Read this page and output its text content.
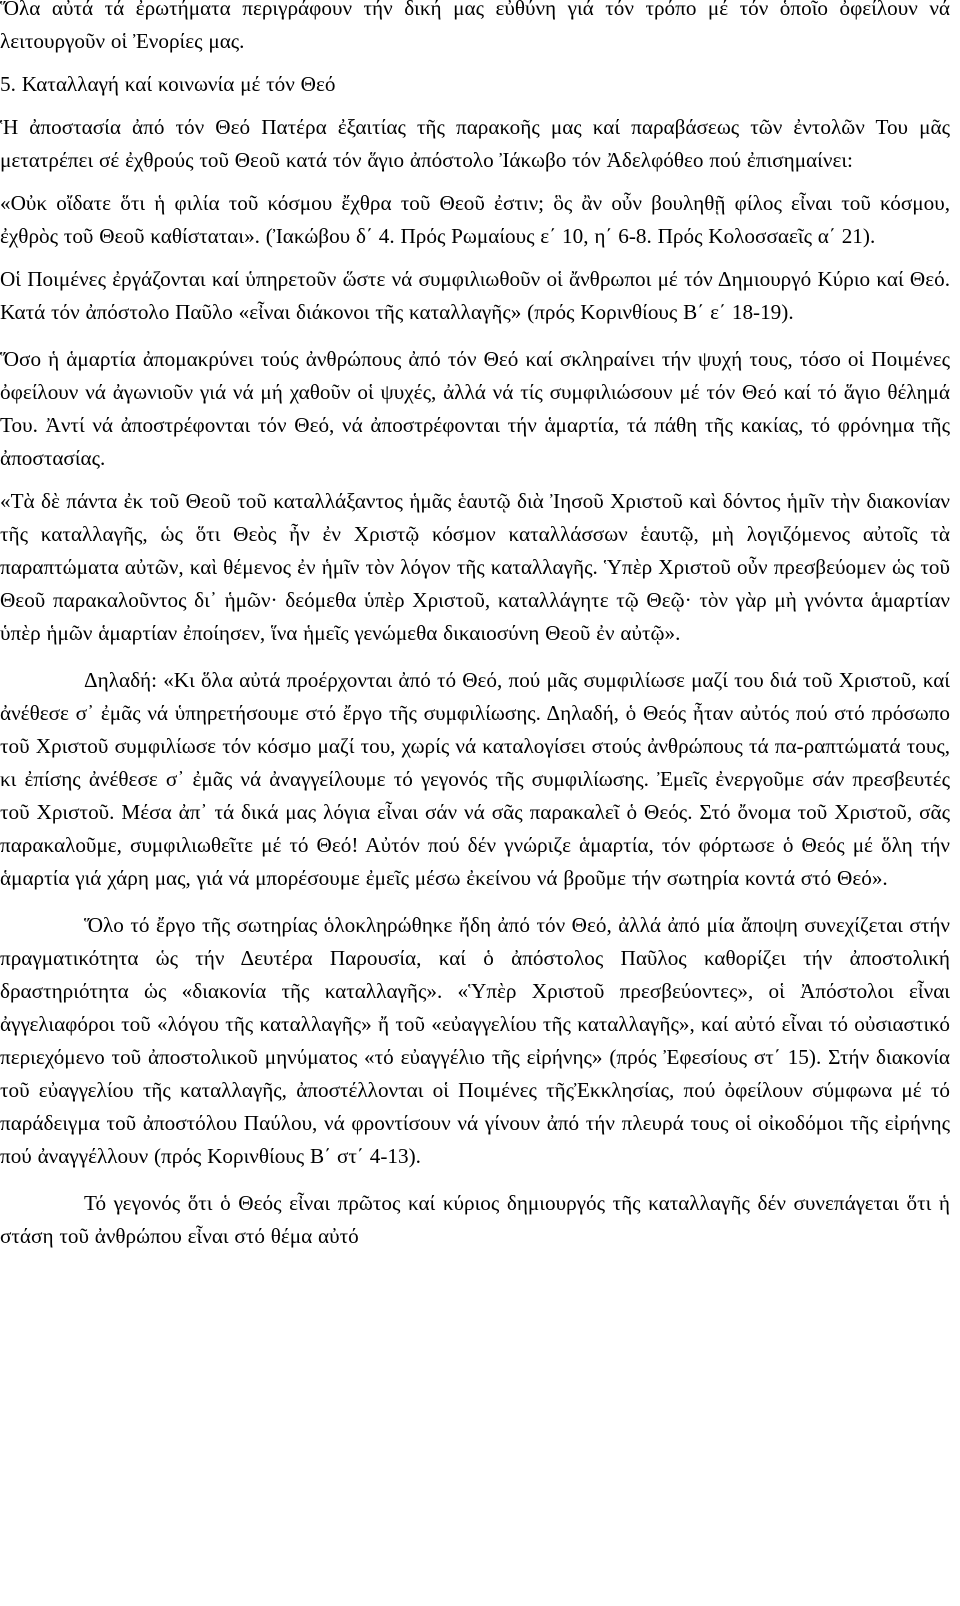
Ὅλα αὐτά τά ἐρωτήματα περιγράφουν τήν δική μας εὐθύνη γιά τόν τρόπο μέ τόν ὁποῖο ὀφείλουν νά λειτουργοῦν οἱ Ἐνορίες μας.

5. Καταλλαγή καί κοινωνία μέ τόν Θεό

Ἡ ἀποστασία ἀπό τόν Θεό Πατέρα ἐξαιτίας τῆς παρακοῆς μας καί παραβάσεως τῶν ἐντολῶν Του μᾶς μετατρέπει σέ ἐχθρούς τοῦ Θεοῦ κατά τόν ἅγιο ἀπόστολο Ἰάκωβο τόν Ἀδελφόθεο πού ἐπισημαίνει:

«Οὐκ οἴδατε ὅτι ἡ φιλία τοῦ κόσμου ἔχθρα τοῦ Θεοῦ ἐστιν; ὃς ἂν οὖν βουληθῇ φίλος εἶναι τοῦ κόσμου, ἐχθρὸς τοῦ Θεοῦ καθίσταται». (Ἰακώβου δ΄ 4. Πρός Ρωμαίους ε΄ 10, η΄ 6-8. Πρός Κολοσσαεῖς α΄ 21).

Οἱ Ποιμένες ἐργάζονται καί ὑπηρετοῦν ὥστε νά συμφιλιωθοῦν οἱ ἄνθρωποι μέ τόν Δημιουργό Κύριο καί Θεό. Κατά τόν ἀπόστολο Παῦλο «εἶναι διάκονοι τῆς καταλλαγῆς» (πρός Κορινθίους Β΄ ε΄ 18-19).

Ὅσο ἡ ἁμαρτία ἀπομακρύνει τούς ἀνθρώπους ἀπό τόν Θεό καί σκληραίνει τήν ψυχή τους, τόσο οἱ Ποιμένες ὀφείλουν νά ἀγωνιοῦν γιά νά μή χαθοῦν οἱ ψυχές, ἀλλά νά τίς συμφιλιώσουν μέ τόν Θεό καί τό ἅγιο θέλημά Του. Ἀντί νά ἀποστρέφονται τόν Θεό, νά ἀποστρέφονται τήν ἁμαρτία, τά πάθη τῆς κακίας, τό φρόνημα τῆς ἀποστασίας.

«Τὰ δὲ πάντα ἐκ τοῦ Θεοῦ τοῦ καταλλάξαντος ἡμᾶς ἑαυτῷ διὰ Ἰησοῦ Χριστοῦ καὶ δόντος ἡμῖν τὴν διακονίαν τῆς καταλλαγῆς, ὡς ὅτι Θεὸς ἦν ἐν Χριστῷ κόσμον καταλλάσσων ἑαυτῷ, μὴ λογιζόμενος αὐτοῖς τὰ παραπτώματα αὐτῶν, καὶ θέμενος ἐν ἡμῖν τὸν λόγον τῆς καταλλαγῆς. Ὑπὲρ Χριστοῦ οὖν πρεσβεύομεν ὡς τοῦ Θεοῦ παρακαλοῦντος δι᾿ ἡμῶν· δεόμεθα ὑπὲρ Χριστοῦ, καταλλάγητε τῷ Θεῷ· τὸν γὰρ μὴ γνόντα ἁμαρτίαν ὑπὲρ ἡμῶν ἁμαρτίαν ἐποίησεν, ἵνα ἡμεῖς γενώμεθα δικαιοσύνη Θεοῦ ἐν αὐτῷ».

Δηλαδή: «Κι ὅλα αὐτά προέρχονται ἀπό τό Θεό, πού μᾶς συμφιλίωσε μαζί του διά τοῦ Χριστοῦ, καί ἀνέθεσε σ᾽ ἐμᾶς νά ὑπηρετήσουμε στό ἔργο τῆς συμφιλίωσης. Δηλαδή, ὁ Θεός ἦταν αὐτός πού στό πρόσωπο τοῦ Χριστοῦ συμφιλίωσε τόν κόσμο μαζί του, χωρίς νά καταλογίσει στούς ἀνθρώπους τά πα-ραπτώματά τους, κι ἐπίσης ἀνέθεσε σ᾽ ἐμᾶς νά ἀναγγείλουμε τό γεγονός τῆς συμφιλίωσης. Ἐμεῖς ἐνεργοῦμε σάν πρεσβευτές τοῦ Χριστοῦ. Μέσα ἀπ᾽ τά δικά μας λόγια εἶναι σάν νά σᾶς παρακαλεῖ ὁ Θεός. Στό ὄνομα τοῦ Χριστοῦ, σᾶς παρακαλοῦμε, συμφιλιωθεῖτε μέ τό Θεό! Αὐτόν πού δέν γνώριζε ἁμαρτία, τόν φόρτωσε ὁ Θεός μέ ὅλη τήν ἁμαρτία γιά χάρη μας, γιά νά μπορέσουμε ἐμεῖς μέσω ἐκείνου νά βροῦμε τήν σωτηρία κοντά στό Θεό».

Ὅλο τό ἔργο τῆς σωτηρίας ὁλοκληρώθηκε ἤδη ἀπό τόν Θεό, ἀλλά ἀπό μία ἄποψη συνεχίζεται στήν πραγματικότητα ὡς τήν Δευτέρα Παρουσία, καί ὁ ἀπόστολος Παῦλος καθορίζει τήν ἀποστολική δραστηριότητα ὡς «διακονία τῆς καταλλαγῆς». «Ὑπὲρ Χριστοῦ πρεσβεύοντες», οἱ Ἀπόστολοι εἶναι ἀγγελιαφόροι τοῦ «λόγου τῆς καταλλαγῆς» ἤ τοῦ «εὐαγγελίου τῆς καταλλαγῆς», καί αὐτό εἶναι τό οὐσιαστικό περιεχόμενο τοῦ ἀποστολικοῦ μηνύματος «τό εὐαγγέλιο τῆς εἰρήνης» (πρός Ἐφεσίους στ΄ 15). Στήν διακονία τοῦ εὐαγγελίου τῆς καταλλαγῆς, ἀποστέλλονται οἱ Ποιμένες τῆςἘκκλησίας, πού ὀφείλουν σύμφωνα μέ τό παράδειγμα τοῦ ἀποστόλου Παύλου, νά φροντίσουν νά γίνουν ἀπό τήν πλευρά τους οἱ οἰκοδόμοι τῆς εἰρήνης πού ἀναγγέλλουν (πρός Κορινθίους Β΄ στ΄ 4-13).

Τό γεγονός ὅτι ὁ Θεός εἶναι πρῶτος καί κύριος δημιουργός τῆς καταλλαγῆς δέν συνεπάγεται ὅτι ἡ στάση τοῦ ἀνθρώπου εἶναι στό θέμα αὐτό
